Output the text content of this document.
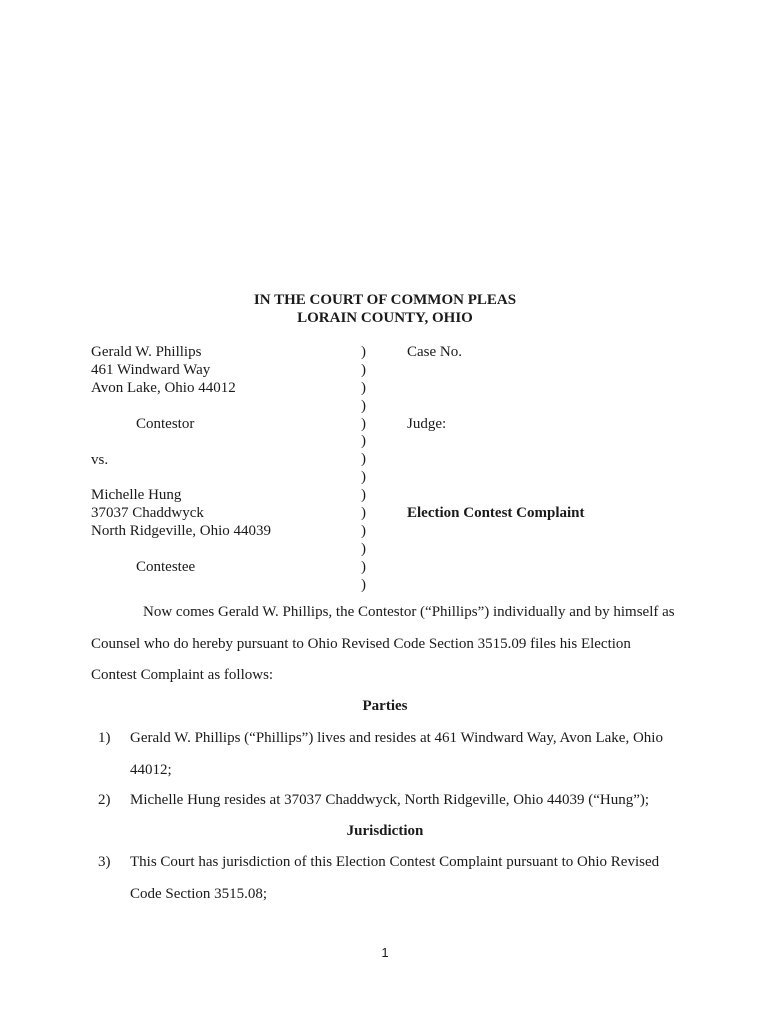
IN THE COURT OF COMMON PLEAS
LORAIN COUNTY, OHIO
Gerald W. Phillips
461 Windward Way
Avon Lake, Ohio 44012
Contestor
vs.
Michelle Hung
37037 Chaddwyck
North Ridgeville, Ohio 44039
Contestee
)
)
)
)
)
)
)
)
)
)
)
)
)
)
Case No.
Judge:
Election Contest Complaint
Now comes Gerald W. Phillips, the Contestor (“Phillips”) individually and by himself as
Counsel who do hereby pursuant to Ohio Revised Code Section 3515.09 files his Election
Contest Complaint as follows:
Parties
1) Gerald W. Phillips (“Phillips”) lives and resides at 461 Windward Way, Avon Lake, Ohio
44012;
2) Michelle Hung resides at 37037 Chaddwyck, North Ridgeville, Ohio 44039 (“Hung”);
Jurisdiction
3) This Court has jurisdiction of this Election Contest Complaint pursuant to Ohio Revised
Code Section 3515.08;
1
